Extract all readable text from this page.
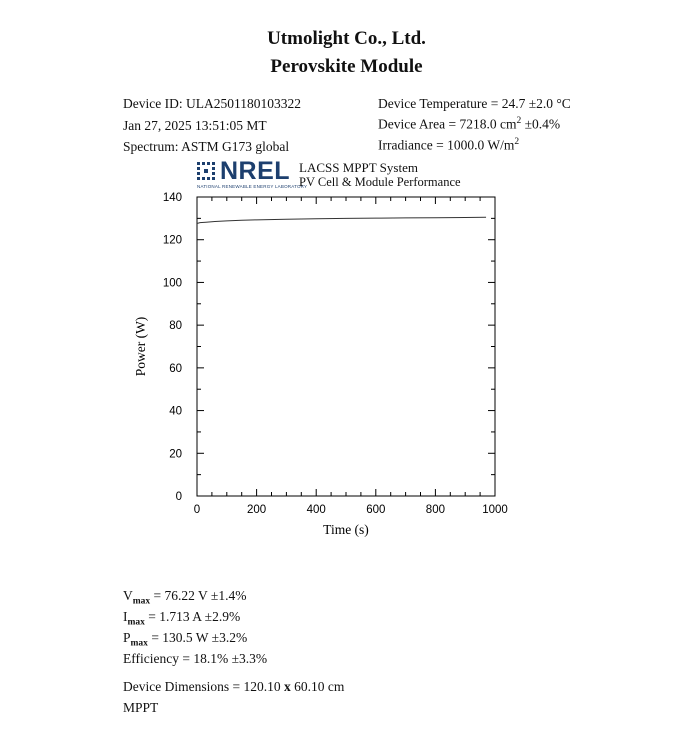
Utmolight Co., Ltd.
Perovskite Module
Device ID: ULA2501180103322
Jan 27, 2025 13:51:05 MT
Spectrum: ASTM G173 global
Device Temperature = 24.7 ±2.0 °C
Device Area = 7218.0 $cm^2 \pm 0.4\%$
Irradiance = 1000.0 $W/m^2$
NREL
NATIONAL RENEWABLE ENERGY LABORATORY
LACSS MPPT System
PV Cell & Module Performance
0	200	400	600	800	1000
0
20
40
60
80
100
120
140
Time (s)
Power (W)
$V_{max} = 76.22$ V ±1.4%
$I_{max} = 1.713$ A ±2.9%
$P_{max} = 130.5$ W ±3.2%
Efficiency = 18.1% ±3.3%
Device Dimensions = 120.10 x 60.10 cm
MPPT
